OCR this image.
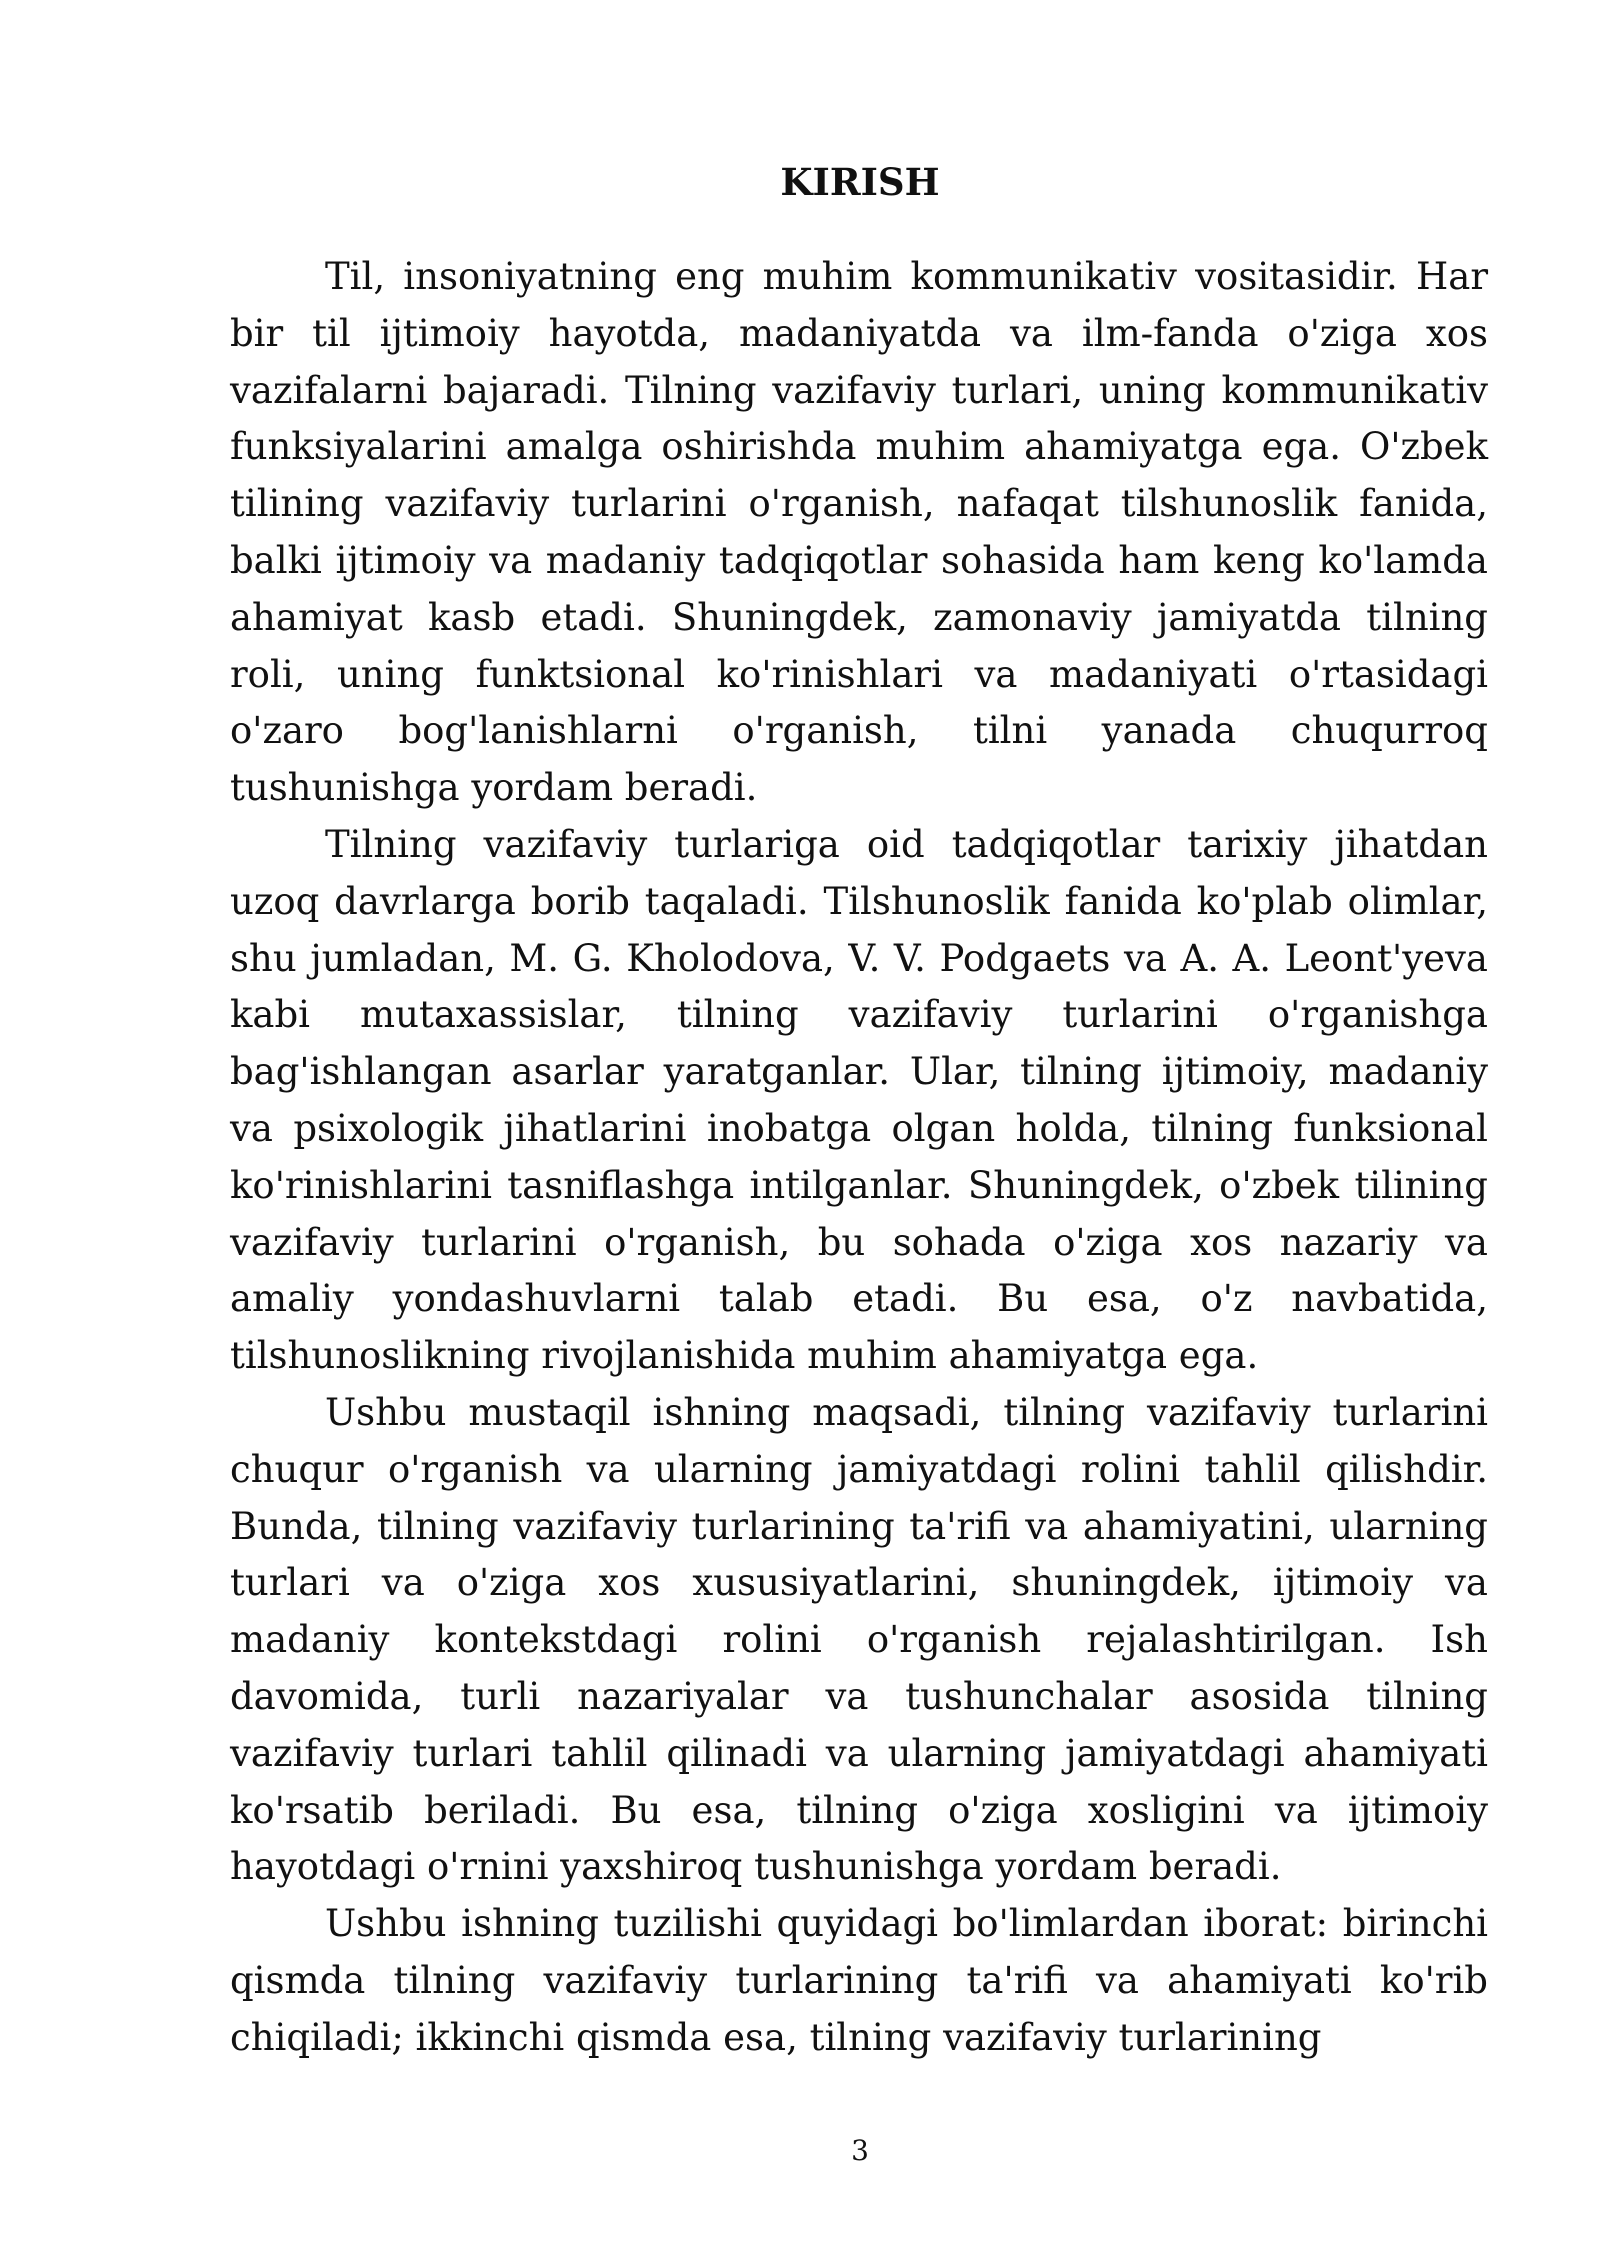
KIRISH

Til, insoniyatning eng muhim kommunikativ vositasidir. Har bir til ijtimoiy hayotda, madaniyatda va ilm-fanda o'ziga xos vazifalarni bajaradi. Tilning vazifaviy turlari, uning kommunikativ funksiyalarini amalga oshirishda muhim ahamiyatga ega. O'zbek tilining vazifaviy turlarini o'rganish, nafaqat tilshunoslik fanida, balki ijtimoiy va madaniy tadqiqotlar sohasida ham keng ko'lamda ahamiyat kasb etadi. Shuningdek, zamonaviy jamiyatda tilning roli, uning funktsional ko'rinishlari va madaniyati o'rtasidagi o'zaro bog'lanishlarni o'rganish, tilni yanada chuqurroq tushunishga yordam beradi.

Tilning vazifaviy turlariga oid tadqiqotlar tarixiy jihatdan uzoq davrlarga borib taqaladi. Tilshunoslik fanida ko'plab olimlar, shu jumladan, M. G. Kholodova, V. V. Podgaets va A. A. Leont'yeva kabi mutaxassislar, tilning vazifaviy turlarini o'rganishga bag'ishlangan asarlar yaratganlar. Ular, tilning ijtimoiy, madaniy va psixologik jihatlarini inobatga olgan holda, tilning funksional ko'rinishlarini tasniflashga intilganlar. Shuningdek, o'zbek tilining vazifaviy turlarini o'rganish, bu sohada o'ziga xos nazariy va amaliy yondashuvlarni talab etadi. Bu esa, o'z navbatida, tilshunoslikning rivojlanishida muhim ahamiyatga ega.

Ushbu mustaqil ishning maqsadi, tilning vazifaviy turlarini chuqur o'rganish va ularning jamiyatdagi rolini tahlil qilishdir. Bunda, tilning vazifaviy turlarining ta'rifi va ahamiyatini, ularning turlari va o'ziga xos xususiyatlarini, shuningdek, ijtimoiy va madaniy kontekstdagi rolini o'rganish rejalashtirilgan. Ish davomida, turli nazariyalar va tushunchalar asosida tilning vazifaviy turlari tahlil qilinadi va ularning jamiyatdagi ahamiyati ko'rsatib beriladi. Bu esa, tilning o'ziga xosligini va ijtimoiy hayotdagi o'rnini yaxshiroq tushunishga yordam beradi.

Ushbu ishning tuzilishi quyidagi bo'limlardan iborat: birinchi qismda tilning vazifaviy turlarining ta'rifi va ahamiyati ko'rib chiqiladi; ikkinchi qismda esa, tilning vazifaviy turlarining

3
